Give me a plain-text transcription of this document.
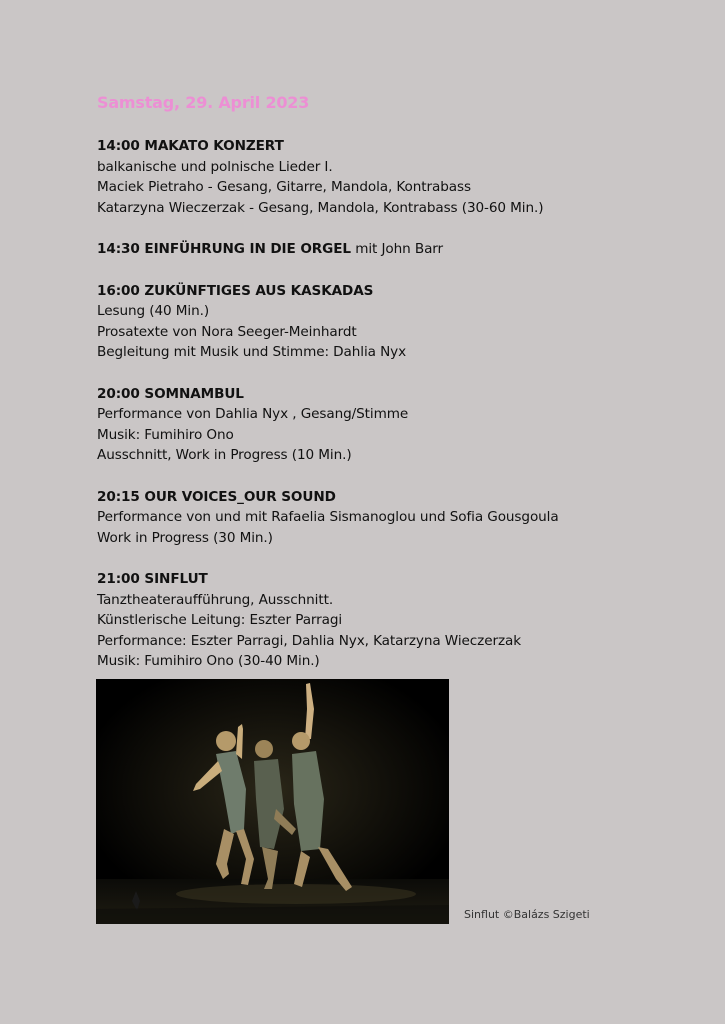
Samstag, 29. April 2023

14:00 MAKATO KONZERT

balkanische und polnische Lieder I.

Maciek Pietraho - Gesang, Gitarre, Mandola, Kontrabass

Katarzyna Wieczerzak - Gesang, Mandola, Kontrabass (30-60 Min.)

14:30 EINFÜHRUNG IN DIE ORGEL mit John Barr

16:00 ZUKÜNFTIGES AUS KASKADAS

Lesung (40 Min.)

Prosatexte von Nora Seeger-Meinhardt

Begleitung mit Musik und Stimme: Dahlia Nyx

20:00 SOMNAMBUL

Performance von Dahlia Nyx , Gesang/Stimme

Musik: Fumihiro Ono

Ausschnitt, Work in Progress (10 Min.)

20:15 OUR VOICES_OUR SOUND

Performance von und mit Rafaelia Sismanoglou und Sofia Gousgoula

Work in Progress (30 Min.)

21:00 SINFLUT

Tanztheateraufführung, Ausschnitt.

Künstlerische Leitung: Eszter Parragi

Performance: Eszter Parragi, Dahlia Nyx, Katarzyna Wieczerzak

Musik: Fumihiro Ono (30-40 Min.)

Sinflut ©Balázs Szigeti
